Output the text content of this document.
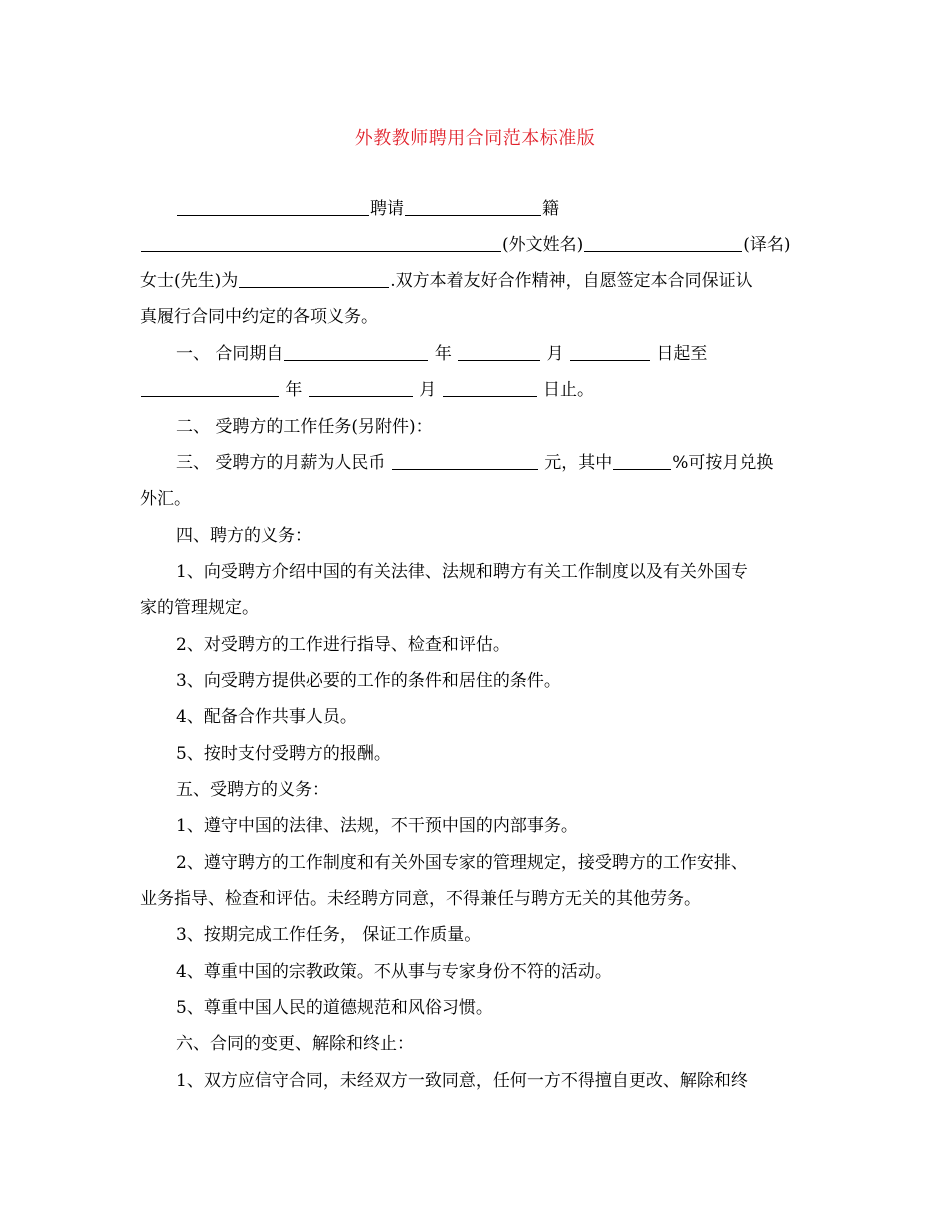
外教教师聘用合同范本标准版
聘请	籍
(外文姓名)	(译名)
女士(先生)为	.双方本着友好合作精神，自愿签定本合同保证认
真履行合同中约定的各项义务。
一、 合同期自	年	月	日起至
年	月	日止。
二、 受聘方的工作任务(另附件)：
三、 受聘方的月薪为人民币	元，其中	%可按月兑换
外汇。
四、聘方的义务：
1、向受聘方介绍中国的有关法律、法规和聘方有关工作制度以及有关外国专
家的管理规定。
2、对受聘方的工作进行指导、检查和评估。
3、向受聘方提供必要的工作的条件和居住的条件。
4、配备合作共事人员。
5、按时支付受聘方的报酬。
五、受聘方的义务：
1、遵守中国的法律、法规，不干预中国的内部事务。
2、遵守聘方的工作制度和有关外国专家的管理规定，接受聘方的工作安排、
业务指导、检查和评估。未经聘方同意，不得兼任与聘方无关的其他劳务。
3、按期完成工作任务， 保证工作质量。
4、尊重中国的宗教政策。不从事与专家身份不符的活动。
5、尊重中国人民的道德规范和风俗习惯。
六、合同的变更、解除和终止：
1、双方应信守合同，未经双方一致同意，任何一方不得擅自更改、解除和终
